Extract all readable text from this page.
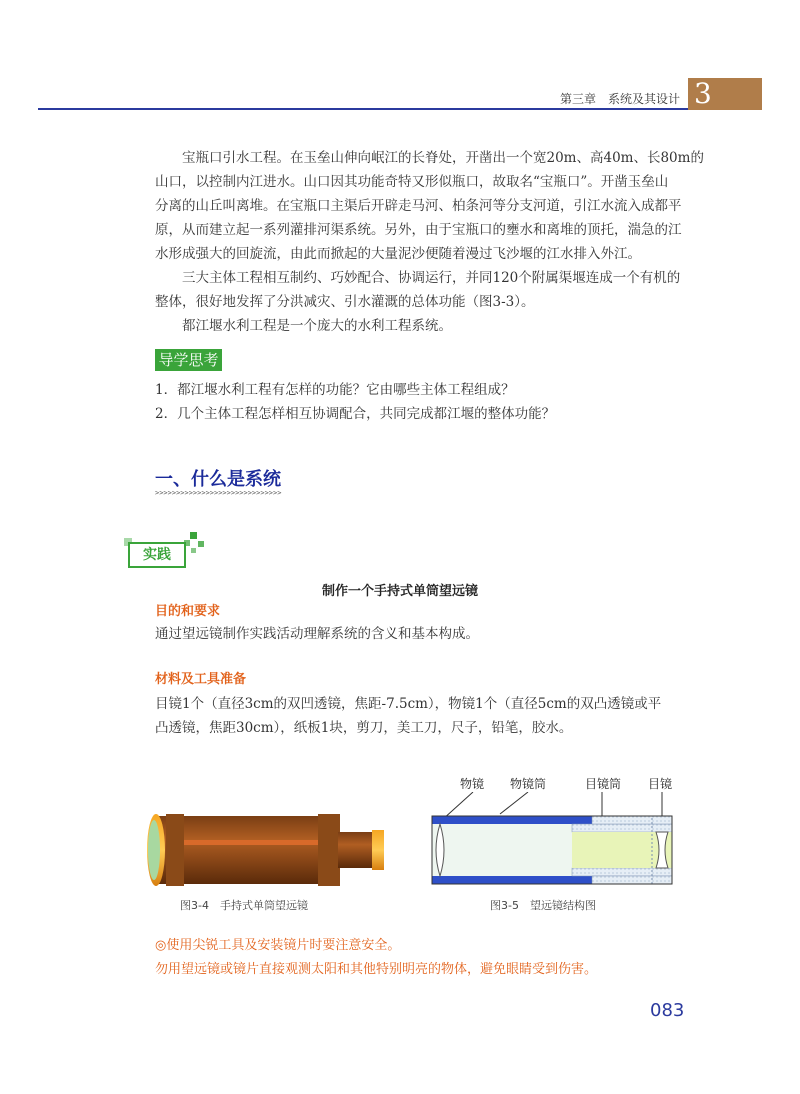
第三章　系统及其设计 3
宝瓶口引水工程。在玉垒山伸向岷江的长脊处，开凿出一个宽20m、高40m、长80m的
山口，以控制内江进水。山口因其功能奇特又形似瓶口，故取名“宝瓶口”。开凿玉垒山
分离的山丘叫离堆。在宝瓶口主渠后开辟走马河、柏条河等分支河道，引江水流入成都平
原，从而建立起一系列灌排河渠系统。另外，由于宝瓶口的壅水和离堆的顶托，湍急的江
水形成强大的回旋流，由此而掀起的大量泥沙便随着漫过飞沙堰的江水排入外江。
三大主体工程相互制约、巧妙配合、协调运行，并同120个附属渠堰连成一个有机的
整体，很好地发挥了分洪减灾、引水灌溉的总体功能（图3-3）。
都江堰水利工程是一个庞大的水利工程系统。
导学思考
1．都江堰水利工程有怎样的功能？它由哪些主体工程组成？
2．几个主体工程怎样相互协调配合，共同完成都江堰的整体功能？
一、什么是系统
>>>>>>>>>>>>>>>>>>>>>>>>>>>>>>
实践
制作一个手持式单筒望远镜
目的和要求
通过望远镜制作实践活动理解系统的含义和基本构成。
材料及工具准备
目镜1个（直径3cm的双凹透镜，焦距-7.5cm），物镜1个（直径5cm的双凸透镜或平
凸透镜，焦距30cm），纸板1块，剪刀，美工刀，尺子，铅笔，胶水。
图3-4　手持式单筒望远镜
物镜 物镜筒	目镜筒 目镜
图3-5　望远镜结构图
◎使用尖锐工具及安装镜片时要注意安全。
勿用望远镜或镜片直接观测太阳和其他特别明亮的物体，避免眼睛受到伤害。
083
